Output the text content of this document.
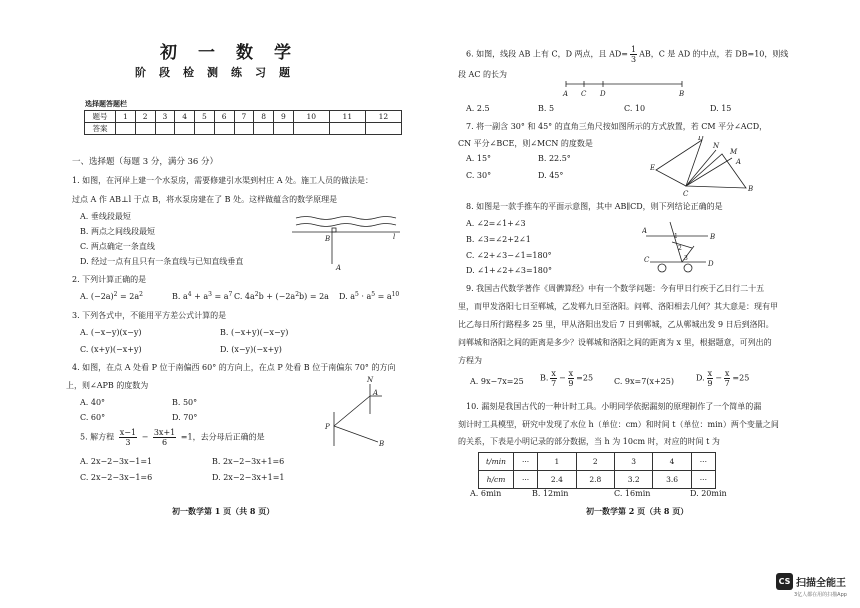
初　一　数　学
阶　段　检　测　练　习　题
选择题答题栏
题号	1	2	3	4	5	6	7	8	9	10	11	12
答案												
一、选择题（每题 3 分，满分 36 分）
1. 如图，在河岸上建一个水泵房，需要修建引水渠到村庄 A 处。施工人员的做法是：
过点 A 作 AB⊥l 于点 B，将水泵房建在了 B 处。这样做蕴含的数学原理是
A. 垂线段最短
B. 两点之间线段最短
C. 两点确定一条直线
D. 经过一点有且只有一条直线与已知直线垂直
A
B	l
2. 下列计算正确的是
A. $(-2a)^2 = 2a^2$	B. $a^4 + a^3 = a^7$ C. $4a^2b + (-2a^2b) = 2a$ D. $a^5 \cdot a^5 = a^{10}$
3. 下列各式中，不能用平方差公式计算的是
A. (−x−y)(x−y)	B. (−x+y)(−x−y)
C. (x+y)(−x+y)	D. (x−y)(−x+y)
4. 如图，在点 A 处看 P 位于南偏西 60° 的方向上，在点 P 处看 B 位于南偏东 70° 的方向
上，则∠APB 的度数为
A. 40°	B. 50°
C. 60°	D. 70°
N
A
P
B
5. 解方程 $\frac{x-1}{3} - \frac{3x+1}{6} =1$，去分母后正确的是
A. 2x−2−3x−1=1	B. 2x−2−3x+1=6
C. 2x−2−3x−1=6	D. 2x−2−3x+1=1
初一数学第 1 页（共 8 页）
6. 如图，线段 AB 上有 C，D 两点，且 $AD= \frac{1}{3}$ AB，C 是 AD 的中点，若 DB=10，则线
段 AC 的长为
A C D	B
A. 2.5	B. 5	C. 10	D. 15
7. 将一副含 30° 和 45° 的直角三角尺按如图所示的方式放置，若 CM 平分∠ACD，
CN 平分∠BCE，则∠MCN 的度数是
A. 15°	B. 22.5°
C. 30°	D. 45°
D
N
M
A
E
B
C
8. 如图是一款手推车的平面示意图，其中 AB∥CD，则下列结论正确的是
A. ∠2=∠1+∠3
B. ∠3=∠2+2∠1
C. ∠2+∠3−∠1=180°
D. ∠1+∠2+∠3=180°
A
B
C	D
1
2
3
9. 我国古代数学著作《周髀算经》中有一个数学问题：今有甲日行疾于乙日行二十五
里，而甲发洛阳七日至郸城，乙发郸九日至洛阳。问郸、洛阳相去几何？其大意是：现有甲
比乙每日所行路程多 25 里，甲从洛阳出发后 7 日到郸城，乙从郸城出发 9 日后到洛阳。
问郸城和洛阳之间的距离是多少？设郸城和洛阳之间的距离为 x 里，根据题意，可列出的
方程为
A. 9x−7x=25 B. $\frac{x}{7} - \frac{x}{9} =25$	C. 9x=7(x+25)	D. $\frac{x}{9} - \frac{x}{7} =25$
10. 漏刻是我国古代的一种计时工具。小明同学依据漏刻的原理制作了一个简单的漏
刻计时工具模型，研究中发现了水位 h（单位：cm）和时间 t（单位：min）两个变量之间
的关系，下表是小明记录的部分数据，当 h 为 10cm 时，对应的时间 t 为
t/min	···	1	2	3	4	···
h/cm	···	2.4	2.8	3.2	3.6	···
A. 6min	B. 12min	C. 16min	D. 20min
初一数学第 2 页（共 8 页）
CS 扫描全能王
3亿人都在用的扫描App
